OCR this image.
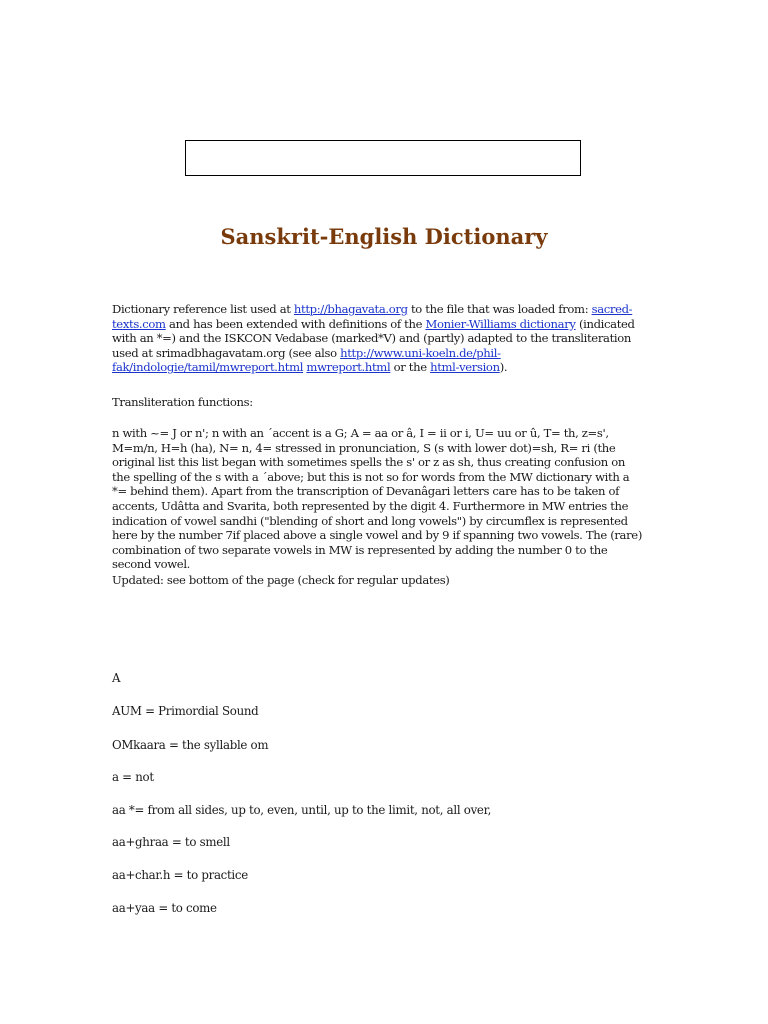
Sanskrit-English Dictionary

Dictionary reference list used at http://bhagavata.org to the file that was loaded from: sacred-texts.com and has been extended with definitions of the Monier-Williams dictionary (indicated with an *=) and the ISKCON Vedabase (marked*V) and (partly) adapted to the transliteration used at srimadbhagavatam.org (see also http://www.uni-koeln.de/phil-fak/indologie/tamil/mwreport.html mwreport.html or the html-version).

Transliteration functions:

n with ~= J or n'; n with an ´accent is a G; A = aa or â, I = ii or i, U= uu or û, T= th, z=s', M=m/n, H=h (ha), N= n, 4= stressed in pronunciation, S (s with lower dot)=sh, R= ri (the original list this list began with sometimes spells the s' or z as sh, thus creating confusion on the spelling of the s with a ´above; but this is not so for words from the MW dictionary with a *= behind them). Apart from the transcription of Devanâgari letters care has to be taken of accents, Udâtta and Svarita, both represented by the digit 4. Furthermore in MW entries the indication of vowel sandhi ("blending of short and long vowels") by circumflex is represented here by the number 7if placed above a single vowel and by 9 if spanning two vowels. The (rare) combination of two separate vowels in MW is represented by adding the number 0 to the second vowel.

Updated: see bottom of the page (check for regular updates)

A

AUM = Primordial Sound

OMkaara = the syllable om

a = not

aa *= from all sides, up to, even, until, up to the limit, not, all over,

aa+ghraa = to smell

aa+char.h = to practice

aa+yaa = to come
